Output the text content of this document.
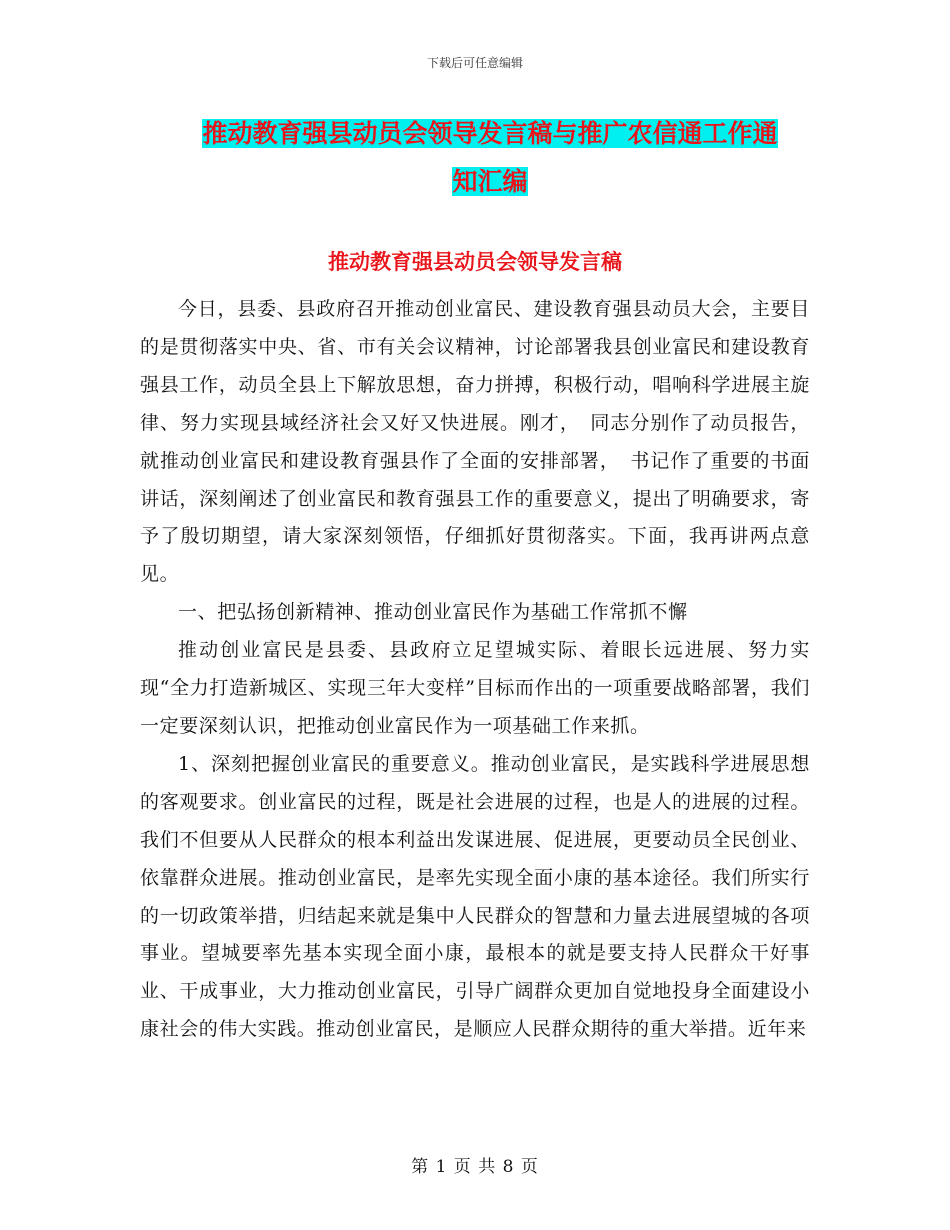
下载后可任意编辑
推动教育强县动员会领导发言稿与推广农信通工作通
知汇编
推动教育强县动员会领导发言稿

今日，县委、县政府召开推动创业富民、建设教育强县动员大会，主要目的是贯彻落实中央、省、市有关会议精神，讨论部署我县创业富民和建设教育强县工作，动员全县上下解放思想，奋力拼搏，积极行动，唱响科学进展主旋律、努力实现县域经济社会又好又快进展。刚才，　同志分别作了动员报告，就推动创业富民和建设教育强县作了全面的安排部署，　书记作了重要的书面讲话，深刻阐述了创业富民和教育强县工作的重要意义，提出了明确要求，寄予了殷切期望，请大家深刻领悟，仔细抓好贯彻落实。下面，我再讲两点意见。

一、把弘扬创新精神、推动创业富民作为基础工作常抓不懈

推动创业富民是县委、县政府立足望城实际、着眼长远进展、努力实现“全力打造新城区、实现三年大变样”目标而作出的一项重要战略部署，我们一定要深刻认识，把推动创业富民作为一项基础工作来抓。

1、深刻把握创业富民的重要意义。推动创业富民，是实践科学进展思想的客观要求。创业富民的过程，既是社会进展的过程，也是人的进展的过程。我们不但要从人民群众的根本利益出发谋进展、促进展，更要动员全民创业、依靠群众进展。推动创业富民，是率先实现全面小康的基本途径。我们所实行的一切政策举措，归结起来就是集中人民群众的智慧和力量去进展望城的各项事业。望城要率先基本实现全面小康，最根本的就是要支持人民群众干好事业、干成事业，大力推动创业富民，引导广阔群众更加自觉地投身全面建设小康社会的伟大实践。推动创业富民，是顺应人民群众期待的重大举措。近年来

第 1 页 共 8 页
